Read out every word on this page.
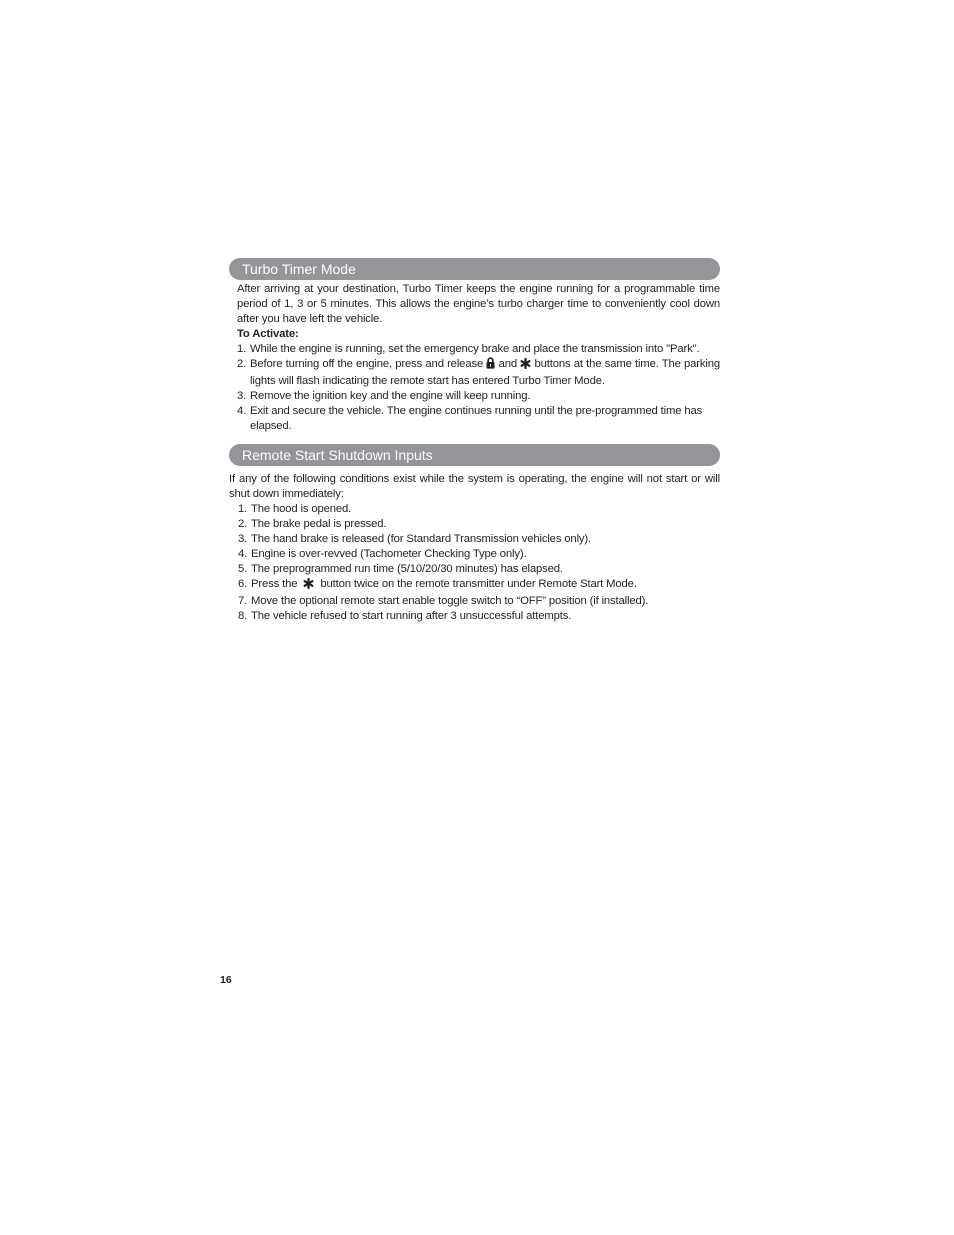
Turbo Timer Mode

After arriving at your destination, Turbo Timer keeps the engine running for a programmable time period of 1, 3 or 5 minutes. This allows the engine’s turbo charger time to conveniently cool down after you have left the vehicle.

To Activate:

1. While the engine is running, set the emergency brake and place the transmission into "Park".
2. Before turning off the engine, press and release and buttons at the same time. The parking lights will flash indicating the remote start has entered Turbo Timer Mode.
3. Remove the ignition key and the engine will keep running.
4. Exit and secure the vehicle. The engine continues running until the pre-programmed time has elapsed.
Remote Start Shutdown Inputs

If any of the following conditions exist while the system is operating, the engine will not start or will shut down immediately:

1. The hood is opened.
2. The brake pedal is pressed.
3. The hand brake is released (for Standard Transmission vehicles only).
4. Engine is over-revved (Tachometer Checking Type only).
5. The preprogrammed run time (5/10/20/30 minutes) has elapsed.
6. Press the button twice on the remote transmitter under Remote Start Mode.
7. Move the optional remote start enable toggle switch to “OFF” position (if installed).
8. The vehicle refused to start running after 3 unsuccessful attempts.
16
